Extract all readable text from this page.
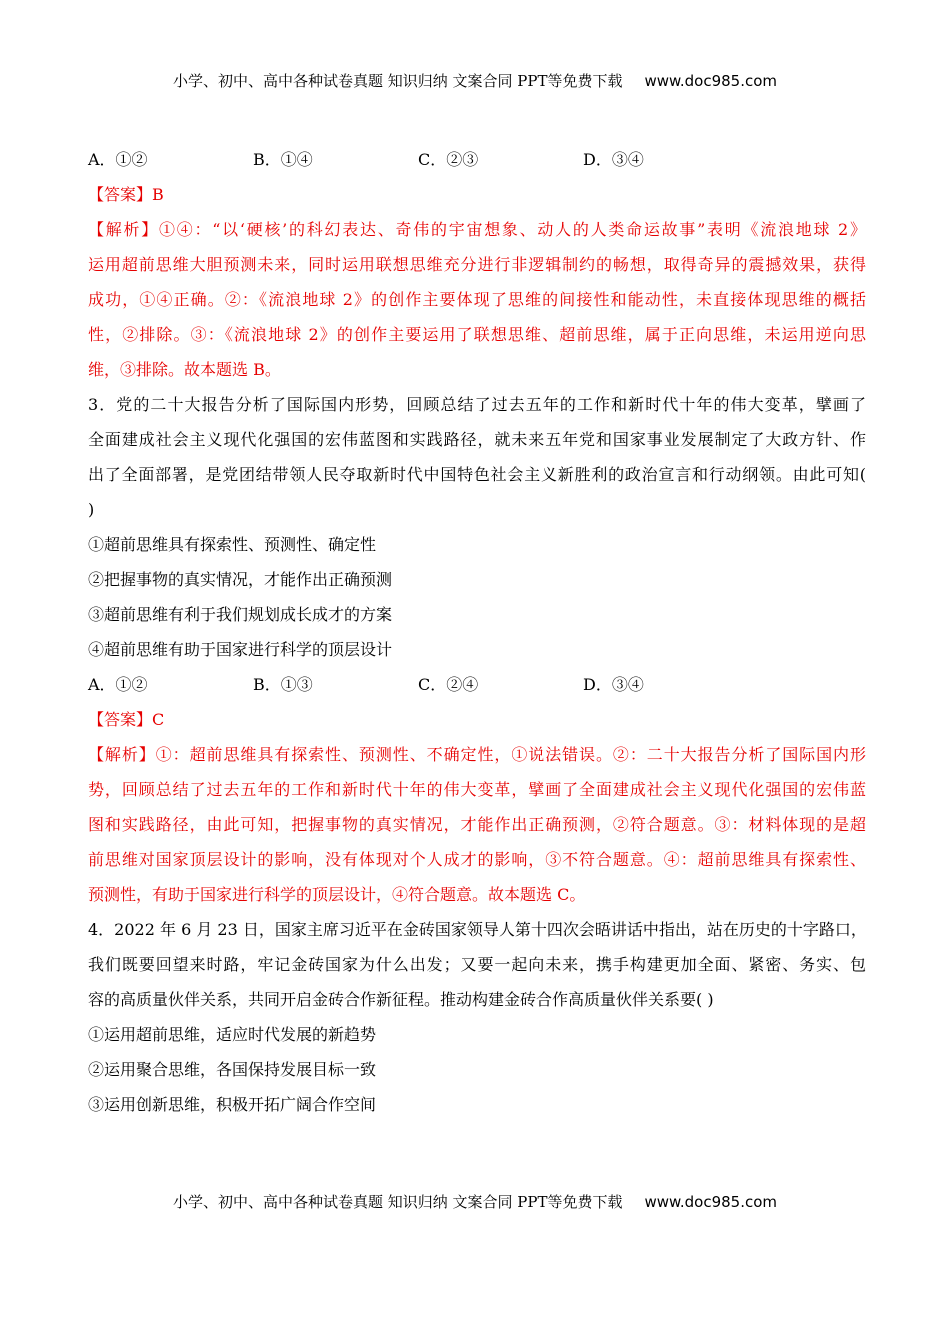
小学、初中、高中各种试卷真题 知识归纳 文案合同 PPT等免费下载 www.doc985.com
A．①②	B．①④	C．②③	D．③④
【答案】B
【解析】①④：“以‘硬核’的科幻表达、奇伟的宇宙想象、动人的人类命运故事”表明《流浪地球 2》
运用超前思维大胆预测未来，同时运用联想思维充分进行非逻辑制约的畅想，取得奇异的震撼效果，获得
成功，①④正确。②：《流浪地球 2》的创作主要体现了思维的间接性和能动性，未直接体现思维的概括
性，②排除。③：《流浪地球 2》的创作主要运用了联想思维、超前思维，属于正向思维，未运用逆向思
维，③排除。故本题选 B。
3．党的二十大报告分析了国际国内形势，回顾总结了过去五年的工作和新时代十年的伟大变革，擘画了
全面建成社会主义现代化强国的宏伟蓝图和实践路径，就未来五年党和国家事业发展制定了大政方针、作
出了全面部署，是党团结带领人民夺取新时代中国特色社会主义新胜利的政治宣言和行动纲领。由此可知(
)
①超前思维具有探索性、预测性、确定性
②把握事物的真实情况，才能作出正确预测
③超前思维有利于我们规划成长成才的方案
④超前思维有助于国家进行科学的顶层设计
A．①②	B．①③	C．②④	D．③④
【答案】C
【解析】①：超前思维具有探索性、预测性、不确定性，①说法错误。②：二十大报告分析了国际国内形
势，回顾总结了过去五年的工作和新时代十年的伟大变革，擘画了全面建成社会主义现代化强国的宏伟蓝
图和实践路径，由此可知，把握事物的真实情况，才能作出正确预测，②符合题意。③：材料体现的是超
前思维对国家顶层设计的影响，没有体现对个人成才的影响，③不符合题意。④：超前思维具有探索性、
预测性，有助于国家进行科学的顶层设计，④符合题意。故本题选 C。
4．2022 年 6 月 23 日，国家主席习近平在金砖国家领导人第十四次会晤讲话中指出，站在历史的十字路口，
我们既要回望来时路，牢记金砖国家为什么出发；又要一起向未来，携手构建更加全面、紧密、务实、包
容的高质量伙伴关系，共同开启金砖合作新征程。推动构建金砖合作高质量伙伴关系要( )
①运用超前思维，适应时代发展的新趋势
②运用聚合思维，各国保持发展目标一致
③运用创新思维，积极开拓广阔合作空间
小学、初中、高中各种试卷真题 知识归纳 文案合同 PPT等免费下载 www.doc985.com
